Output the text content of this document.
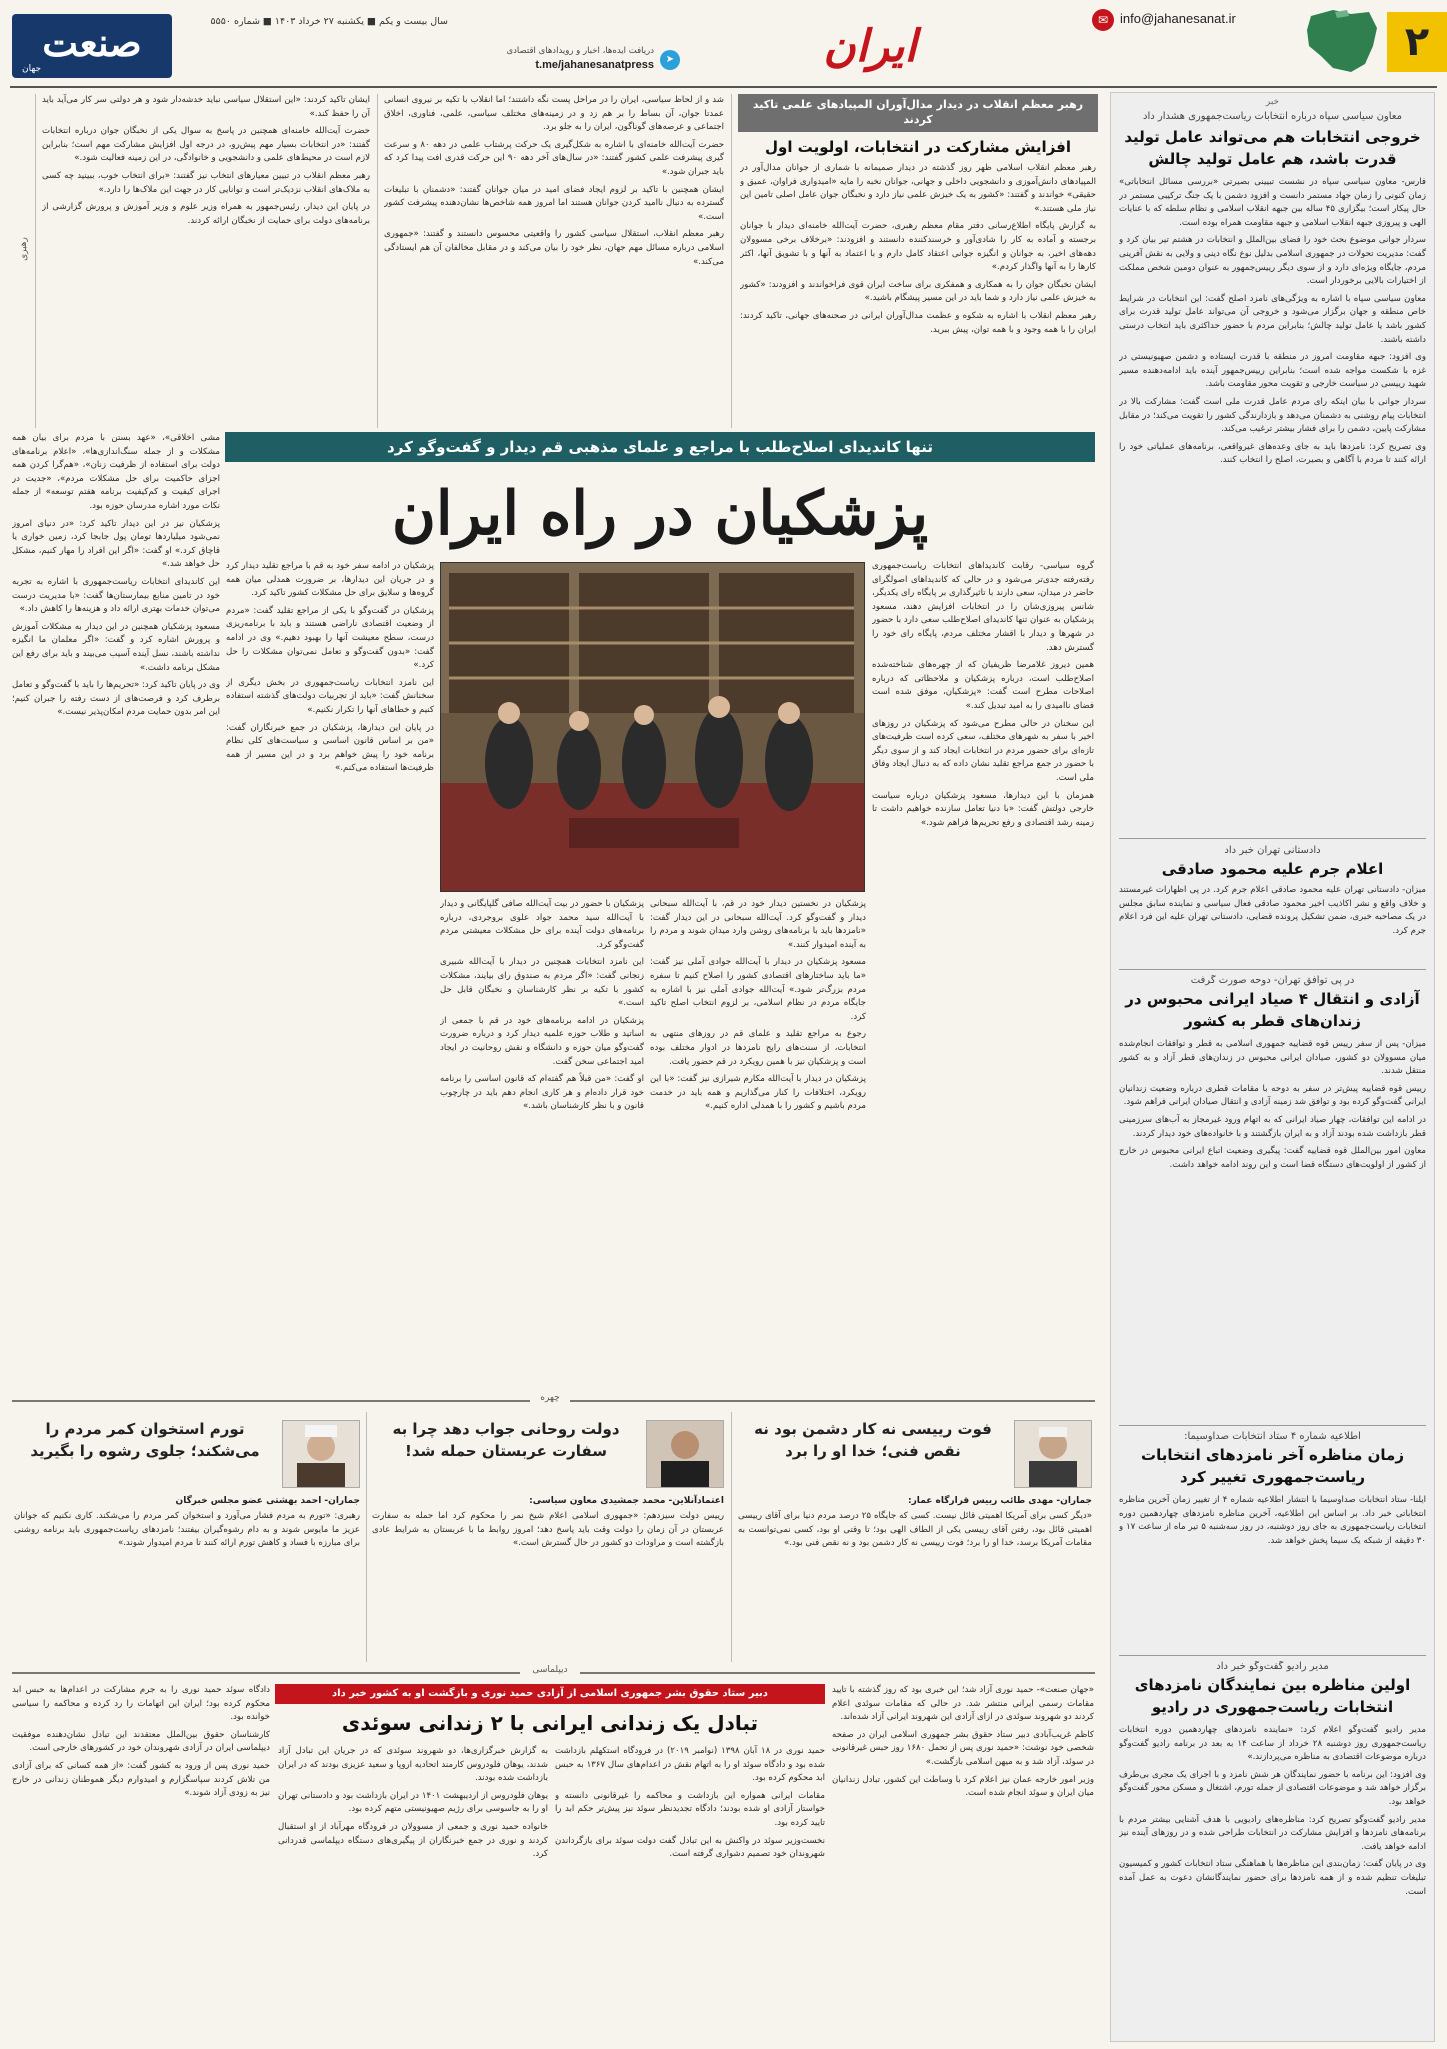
۲
✉ info@jahanesanat.ir
ایران
دریافت ایده‌ها، اخبار و رویدادهای اقتصادی
t.me/jahanesanatpress	➤
سال بیست و یکم ■ یکشنبه ۲۷ خرداد ۱۴۰۳ ■ شماره ۵۵۵۰
صنعت
جهان
خبر
معاون سیاسی سپاه درباره انتخابات ریاست‌جمهوری هشدار داد
خروجی انتخابات هم می‌تواند عامل تولید قدرت باشد، هم عامل تولید چالش

فارس- معاون سیاسی سپاه در نشست تبیینی بصیرتی «بررسی مسائل انتخاباتی» زمان کنونی را زمان جهاد مستمر دانست و افزود دشمن با یک جنگ ترکیبی مستمر در حال پیکار است؛ بیگزاری ۴۵ ساله بین جبهه انقلاب اسلامی و نظام سلطه که با عنایات الهی و پیروزی جبهه انقلاب اسلامی و جبهه مقاومت همراه بوده است.

سردار جوانی موضوع بحث خود را فضای بین‌الملل و انتخابات در هشتم تیر بیان کرد و گفت: مدیریت تحولات در جمهوری اسلامی بدلیل نوع نگاه دینی و ولایی به نقش آفرینی مردم، جایگاه ویژه‌ای دارد و از سوی دیگر رییس‌جمهور به عنوان دومین شخص مملکت از اختیارات بالایی برخوردار است.

معاون سیاسی سپاه با اشاره به ویژگی‌های نامزد اصلح گفت: این انتخابات در شرایط خاص منطقه و جهان برگزار می‌شود و خروجی آن می‌تواند عامل تولید قدرت برای کشور باشد یا عامل تولید چالش؛ بنابراین مردم با حضور حداکثری باید انتخاب درستی داشته باشند.

وی افزود: جبهه مقاومت امروز در منطقه با قدرت ایستاده و دشمن صهیونیستی در غزه با شکست مواجه شده است؛ بنابراین رییس‌جمهور آینده باید ادامه‌دهنده مسیر شهید رییسی در سیاست خارجی و تقویت محور مقاومت باشد.

سردار جوانی با بیان اینکه رای مردم عامل قدرت ملی است گفت: مشارکت بالا در انتخابات پیام روشنی به دشمنان می‌دهد و بازدارندگی کشور را تقویت می‌کند؛ در مقابل مشارکت پایین، دشمن را برای فشار بیشتر ترغیب می‌کند.

وی تصریح کرد: نامزدها باید به جای وعده‌های غیرواقعی، برنامه‌های عملیاتی خود را ارائه کنند تا مردم با آگاهی و بصیرت، اصلح را انتخاب کنند.

دادستانی تهران خبر داد
اعلام جرم علیه محمود صادقی

میزان- دادستانی تهران علیه محمود صادقی اعلام جرم کرد. در پی اظهارات غیرمستند و خلاف واقع و نشر اکاذیب اخیر محمود صادقی فعال سیاسی و نماینده سابق مجلس در یک مصاحبه خبری، ضمن تشکیل پرونده قضایی، دادستانی تهران علیه این فرد اعلام جرم کرد.

در پی توافق تهران- دوحه صورت گرفت
آزادی و انتقال ۴ صیاد ایرانی محبوس در زندان‌های قطر به کشور

میزان- پس از سفر رییس قوه قضاییه جمهوری اسلامی به قطر و توافقات انجام‌شده میان مسوولان دو کشور، صیادان ایرانی محبوس در زندان‌های قطر آزاد و به کشور منتقل شدند.

رییس قوه قضاییه پیش‌تر در سفر به دوحه با مقامات قطری درباره وضعیت زندانیان ایرانی گفت‌وگو کرده بود و توافق شد زمینه آزادی و انتقال صیادان ایرانی فراهم شود.

در ادامه این توافقات، چهار صیاد ایرانی که به اتهام ورود غیرمجاز به آب‌های سرزمینی قطر بازداشت شده بودند آزاد و به ایران بازگشتند و با خانواده‌های خود دیدار کردند.

معاون امور بین‌الملل قوه قضاییه گفت: پیگیری وضعیت اتباع ایرانی محبوس در خارج از کشور از اولویت‌های دستگاه قضا است و این روند ادامه خواهد داشت.

اطلاعیه شماره ۴ ستاد انتخابات صداوسیما:
زمان مناظره آخر نامزدهای انتخابات ریاست‌جمهوری تغییر کرد

ایلنا- ستاد انتخابات صداوسیما با انتشار اطلاعیه شماره ۴ از تغییر زمان آخرین مناظره انتخاباتی خبر داد. بر اساس این اطلاعیه، آخرین مناظره نامزدهای چهاردهمین دوره انتخابات ریاست‌جمهوری به جای روز دوشنبه، در روز سه‌شنبه ۵ تیر ماه از ساعت ۱۷ و ۳۰ دقیقه از شبکه یک سیما پخش خواهد شد.

مدیر رادیو گفت‌وگو خبر داد
اولین مناظره بین نمایندگان نامزدهای انتخابات ریاست‌جمهوری در رادیو

مدیر رادیو گفت‌وگو اعلام کرد: «نماینده نامزدهای چهاردهمین دوره انتخابات ریاست‌جمهوری روز دوشنبه ۲۸ خرداد از ساعت ۱۴ به بعد در برنامه رادیو گفت‌وگو درباره موضوعات اقتصادی به مناظره می‌پردازند.»

وی افزود: این برنامه با حضور نمایندگان هر شش نامزد و با اجرای یک مجری بی‌طرف برگزار خواهد شد و موضوعات اقتصادی از جمله تورم، اشتغال و مسکن محور گفت‌وگو خواهد بود.

مدیر رادیو گفت‌وگو تصریح کرد: مناظره‌های رادیویی با هدف آشنایی بیشتر مردم با برنامه‌های نامزدها و افزایش مشارکت در انتخابات طراحی شده و در روزهای آینده نیز ادامه خواهد یافت.

وی در پایان گفت: زمان‌بندی این مناظره‌ها با هماهنگی ستاد انتخابات کشور و کمیسیون تبلیغات تنظیم شده و از همه نامزدها برای حضور نمایندگانشان دعوت به عمل آمده است.

رهبر معظم انقلاب در دیدار مدال‌آوران المپیادهای علمی تاکید کردند
افزایش مشارکت در انتخابات، اولویت اول

رهبر معظم انقلاب اسلامی ظهر روز گذشته در دیدار صمیمانه با شماری از جوانان مدال‌آور در المپیادهای دانش‌آموزی و دانشجویی داخلی و جهانی، جوانان نخبه را مایه «امیدواری فراوان، عمیق و حقیقی» خواندند و گفتند: «کشور به یک خیزش علمی نیاز دارد و نخبگان جوان عامل اصلی تامین این نیاز ملی هستند.»

به گزارش پایگاه اطلاع‌رسانی دفتر مقام معظم رهبری، حضرت آیت‌الله خامنه‌ای دیدار با جوانان برجسته و آماده به کار را شادی‌آور و خرسندکننده دانستند و افزودند: «برخلاف برخی مسوولان دهه‌های اخیر، به جوانان و انگیزه جوانی اعتقاد کامل دارم و با اعتماد به آنها و با تشویق آنها، اکثر کارها را به آنها واگذار کردم.»

ایشان نخبگان جوان را به همکاری و همفکری برای ساخت ایران قوی فراخواندند و افزودند: «کشور به خیزش علمی نیاز دارد و شما باید در این مسیر پیشگام باشید.»

رهبر معظم انقلاب با اشاره به شکوه و عظمت مدال‌آوران ایرانی در صحنه‌های جهانی، تاکید کردند: ایران را با همه وجود و با همه توان، پیش ببرید.

شد و از لحاظ سیاسی، ایران را در مراحل پست نگه داشتند؛ اما انقلاب با تکیه بر نیروی انسانی عمدتا جوان، آن بساط را بر هم زد و در زمینه‌های مختلف سیاسی، علمی، فناوری، اخلاق اجتماعی و عرصه‌های گوناگون، ایران را به جلو برد.

حضرت آیت‌الله خامنه‌ای با اشاره به شکل‌گیری یک حرکت پرشتاب علمی در دهه ۸۰ و سرعت گیری پیشرفت علمی کشور گفتند: «در سال‌های آخر دهه ۹۰ این حرکت قدری افت پیدا کرد که باید جبران شود.»

ایشان همچنین با تاکید بر لزوم ایجاد فضای امید در میان جوانان گفتند: «دشمنان با تبلیغات گسترده به دنبال ناامید کردن جوانان هستند اما امروز همه شاخص‌ها نشان‌دهنده پیشرفت کشور است.»

رهبر معظم انقلاب، استقلال سیاسی کشور را واقعیتی محسوس دانستند و گفتند: «جمهوری اسلامی درباره مسائل مهم جهان، نظر خود را بیان می‌کند و در مقابل مخالفان آن هم ایستادگی می‌کند.»

ایشان تاکید کردند: «این استقلال سیاسی نباید خدشه‌دار شود و هر دولتی سر کار می‌آید باید آن را حفظ کند.»

حضرت آیت‌الله خامنه‌ای همچنین در پاسخ به سوال یکی از نخبگان جوان درباره انتخابات گفتند: «در انتخابات بسیار مهم پیش‌رو، در درجه اول افزایش مشارکت مهم است؛ بنابراین لازم است در محیط‌های علمی و دانشجویی و خانوادگی، در این زمینه فعالیت شود.»

رهبر معظم انقلاب در تبیین معیارهای انتخاب نیز گفتند: «برای انتخاب خوب، ببینید چه کسی به ملاک‌های انقلاب نزدیک‌تر است و توانایی کار در جهت این ملاک‌ها را دارد.»

در پایان این دیدار، رئیس‌جمهور به همراه وزیر علوم و وزیر آموزش و پرورش گزارشی از برنامه‌های دولت برای حمایت از نخبگان ارائه کردند.

رهبری
تنها کاندیدای اصلاح‌طلب با مراجع و علمای مذهبی قم دیدار و گفت‌وگو کرد
پزشکیان در راه ایران

گروه سیاسی- رقابت کاندیداهای انتخابات ریاست‌جمهوری رفته‌رفته جدی‌تر می‌شود و در حالی که کاندیداهای اصولگرای حاضر در میدان، سعی دارند با تاثیرگذاری بر پایگاه رای یکدیگر، شانس پیروزی‌شان را در انتخابات افزایش دهند، مسعود پزشکیان به عنوان تنها کاندیدای اصلاح‌طلب سعی دارد با حضور در شهرها و دیدار با اقشار مختلف مردم، پایگاه رای خود را گسترش دهد.

همین دیروز غلامرضا ظریفیان که از چهره‌های شناخته‌شده اصلاح‌طلب است، درباره پزشکیان و ملاحظاتی که درباره اصلاحات مطرح است گفت: «پزشکیان، موفق شده است فضای ناامیدی را به امید تبدیل کند.»

این سخنان در حالی مطرح می‌شود که پزشکیان در روزهای اخیر با سفر به شهرهای مختلف، سعی کرده است ظرفیت‌های تازه‌ای برای حضور مردم در انتخابات ایجاد کند و از سوی دیگر با حضور در جمع مراجع تقلید نشان داده که به دنبال ایجاد وفاق ملی است.

همزمان با این دیدارها، مسعود پزشکیان درباره سیاست خارجی دولتش گفت: «با دنیا تعامل سازنده خواهیم داشت تا زمینه رشد اقتصادی و رفع تحریم‌ها فراهم شود.»

پزشکیان در نخستین دیدار خود در قم، با آیت‌الله سبحانی دیدار و گفت‌وگو کرد. آیت‌الله سبحانی در این دیدار گفت: «نامزدها باید با برنامه‌های روشن وارد میدان شوند و مردم را به آینده امیدوار کنند.»

مسعود پزشکیان در دیدار با آیت‌الله جوادی آملی نیز گفت: «ما باید ساختارهای اقتصادی کشور را اصلاح کنیم تا سفره مردم بزرگ‌تر شود.» آیت‌الله جوادی آملی نیز با اشاره به جایگاه مردم در نظام اسلامی، بر لزوم انتخاب اصلح تاکید کرد.

رجوع به مراجع تقلید و علمای قم در روزهای منتهی به انتخابات، از سنت‌های رایج نامزدها در ادوار مختلف بوده است و پزشکیان نیز با همین رویکرد در قم حضور یافت.

پزشکیان در دیدار با آیت‌الله مکارم شیرازی نیز گفت: «با این رویکرد، اختلافات را کنار می‌گذاریم و همه باید در خدمت مردم باشیم و کشور را با همدلی اداره کنیم.»

پزشکیان با حضور در بیت آیت‌الله صافی گلپایگانی و دیدار با آیت‌الله سید محمد جواد علوی بروجردی، درباره برنامه‌های دولت آینده برای حل مشکلات معیشتی مردم گفت‌وگو کرد.

این نامزد انتخابات همچنین در دیدار با آیت‌الله شبیری زنجانی گفت: «اگر مردم به صندوق رای بیایند، مشکلات کشور با تکیه بر نظر کارشناسان و نخبگان قابل حل است.»

پزشکیان در ادامه برنامه‌های خود در قم با جمعی از اساتید و طلاب حوزه علمیه دیدار کرد و درباره ضرورت گفت‌وگو میان حوزه و دانشگاه و نقش روحانیت در ایجاد امید اجتماعی سخن گفت.

او گفت: «من قبلاً هم گفته‌ام که قانون اساسی را برنامه خود قرار داده‌ام و هر کاری انجام دهم باید در چارچوب قانون و با نظر کارشناسان باشد.»

پزشکیان در ادامه سفر خود به قم با مراجع تقلید دیدار کرد و در جریان این دیدارها، بر ضرورت همدلی میان همه گروه‌ها و سلایق برای حل مشکلات کشور تاکید کرد.

پزشکیان در گفت‌وگو با یکی از مراجع تقلید گفت: «مردم از وضعیت اقتصادی ناراضی هستند و باید با برنامه‌ریزی درست، سطح معیشت آنها را بهبود دهیم.» وی در ادامه گفت: «بدون گفت‌وگو و تعامل نمی‌توان مشکلات را حل کرد.»

این نامزد انتخابات ریاست‌جمهوری در بخش دیگری از سخنانش گفت: «باید از تجربیات دولت‌های گذشته استفاده کنیم و خطاهای آنها را تکرار نکنیم.»

در پایان این دیدارها، پزشکیان در جمع خبرنگاران گفت: «من بر اساس قانون اساسی و سیاست‌های کلی نظام برنامه خود را پیش خواهم برد و در این مسیر از همه ظرفیت‌ها استفاده می‌کنم.»

مشی اخلاقی»، «عهد بستن با مردم برای بیان همه مشکلات و از جمله سنگ‌اندازی‌ها»، «اعلام برنامه‌های دولت برای استفاده از ظرفیت زنان»، «هم‌گرا کردن همه اجزای حاکمیت برای حل مشکلات مردم»، «جدیت در اجرای کیفیت و کم‌کیفیت برنامه هفتم توسعه» از جمله نکات مورد اشاره مدرسان حوزه بود.

پزشکیان نیز در این دیدار تاکید کرد: «در دنیای امروز نمی‌شود میلیاردها تومان پول جابجا کرد، زمین خواری یا قاچاق کرد.» او گفت: «اگر این افراد را مهار کنیم، مشکل حل خواهد شد.»

این کاندیدای انتخابات ریاست‌جمهوری با اشاره به تجربه خود در تامین منابع بیمارستان‌ها گفت: «با مدیریت درست می‌توان خدمات بهتری ارائه داد و هزینه‌ها را کاهش داد.»

مسعود پزشکیان همچنین در این دیدار به مشکلات آموزش و پرورش اشاره کرد و گفت: «اگر معلمان ما انگیزه نداشته باشند، نسل آینده آسیب می‌بیند و باید برای رفع این مشکل برنامه داشت.»

وی در پایان تاکید کرد: «تحریم‌ها را باید با گفت‌وگو و تعامل برطرف کرد و فرصت‌های از دست رفته را جبران کنیم؛ این امر بدون حمایت مردم امکان‌پذیر نیست.»

چهره
فوت رییسی نه کار دشمن بود نه نقص فنی؛ خدا او را برد
جماران- مهدی طائب رییس قرارگاه عمار:

«دیگر کسی برای آمریکا اهمیتی قائل نیست. کسی که جایگاه ۲۵ درصد مردم دنیا برای آقای رییسی اهمیتی قائل بود، رفتن آقای رییسی یکی از الطاف الهی بود؛ تا وقتی او بود، کسی نمی‌توانست به مقامات آمریکا برسد، خدا او را برد؛ فوت رییسی نه کار دشمن بود و نه نقص فنی بود.»

دولت روحانی جواب دهد چرا به سفارت عربستان حمله شد!
اعتمادآنلاین- محمد جمشیدی معاون سیاسی:

رییس دولت سیزدهم: «جمهوری اسلامی اعلام شیخ نمر را محکوم کرد اما حمله به سفارت عربستان در آن زمان را دولت وقت باید پاسخ دهد؛ امروز روابط ما با عربستان به شرایط عادی بازگشته است و مراودات دو کشور در حال گسترش است.»

تورم استخوان کمر مردم را می‌شکند؛ جلوی رشوه را بگیرید
جماران- احمد بهشتی عضو مجلس خبرگان

رهبری: «تورم به مردم فشار می‌آورد و استخوان کمر مردم را می‌شکند. کاری نکنیم که جوانان عزیز ما مایوس شوند و به دام رشوه‌گیران بیفتند؛ نامزدهای ریاست‌جمهوری باید برنامه روشنی برای مبارزه با فساد و کاهش تورم ارائه کنند تا مردم امیدوار شوند.»

دیپلماسی
دبیر ستاد حقوق بشر جمهوری اسلامی از آزادی حمید نوری و بازگشت او به کشور خبر داد
تبادل یک زندانی ایرانی با ۲ زندانی سوئدی

«جهان صنعت»- حمید نوری آزاد شد؛ این خبری بود که روز گذشته با تایید مقامات رسمی ایرانی منتشر شد. در حالی که مقامات سوئدی اعلام کردند دو شهروند سوئدی در ازای آزادی این شهروند ایرانی آزاد شده‌اند.

کاظم غریب‌آبادی دبیر ستاد حقوق بشر جمهوری اسلامی ایران در صفحه شخصی خود نوشت: «حمید نوری پس از تحمل ۱۶۸۰ روز حبس غیرقانونی در سوئد، آزاد شد و به میهن اسلامی بازگشت.»

وزیر امور خارجه عمان نیز اعلام کرد با وساطت این کشور، تبادل زندانیان میان ایران و سوئد انجام شده است.

حمید نوری در ۱۸ آبان ۱۳۹۸ (نوامبر ۲۰۱۹) در فرودگاه استکهلم بازداشت شده بود و دادگاه سوئد او را به اتهام نقش در اعدام‌های سال ۱۳۶۷ به حبس ابد محکوم کرده بود.

مقامات ایرانی همواره این بازداشت و محاکمه را غیرقانونی دانسته و خواستار آزادی او شده بودند؛ دادگاه تجدیدنظر سوئد نیز پیش‌تر حکم ابد را تایید کرده بود.

نخست‌وزیر سوئد در واکنش به این تبادل گفت دولت سوئد برای بازگرداندن شهروندان خود تصمیم دشواری گرفته است.

به گزارش خبرگزاری‌ها، دو شهروند سوئدی که در جریان این تبادل آزاد شدند، یوهان فلودروس کارمند اتحادیه اروپا و سعید عزیزی بودند که در ایران بازداشت شده بودند.

یوهان فلودروس از اردیبهشت ۱۴۰۱ در ایران بازداشت بود و دادستانی تهران او را به جاسوسی برای رژیم صهیونیستی متهم کرده بود.

خانواده حمید نوری و جمعی از مسوولان در فرودگاه مهرآباد از او استقبال کردند و نوری در جمع خبرنگاران از پیگیری‌های دستگاه دیپلماسی قدردانی کرد.

دادگاه سوئد حمید نوری را به جرم مشارکت در اعدام‌ها به حبس ابد محکوم کرده بود؛ ایران این اتهامات را رد کرده و محاکمه را سیاسی خوانده بود.

کارشناسان حقوق بین‌الملل معتقدند این تبادل نشان‌دهنده موفقیت دیپلماسی ایران در آزادی شهروندان خود در کشورهای خارجی است.

حمید نوری پس از ورود به کشور گفت: «از همه کسانی که برای آزادی من تلاش کردند سپاسگزارم و امیدوارم دیگر هموطنان زندانی در خارج نیز به زودی آزاد شوند.»
